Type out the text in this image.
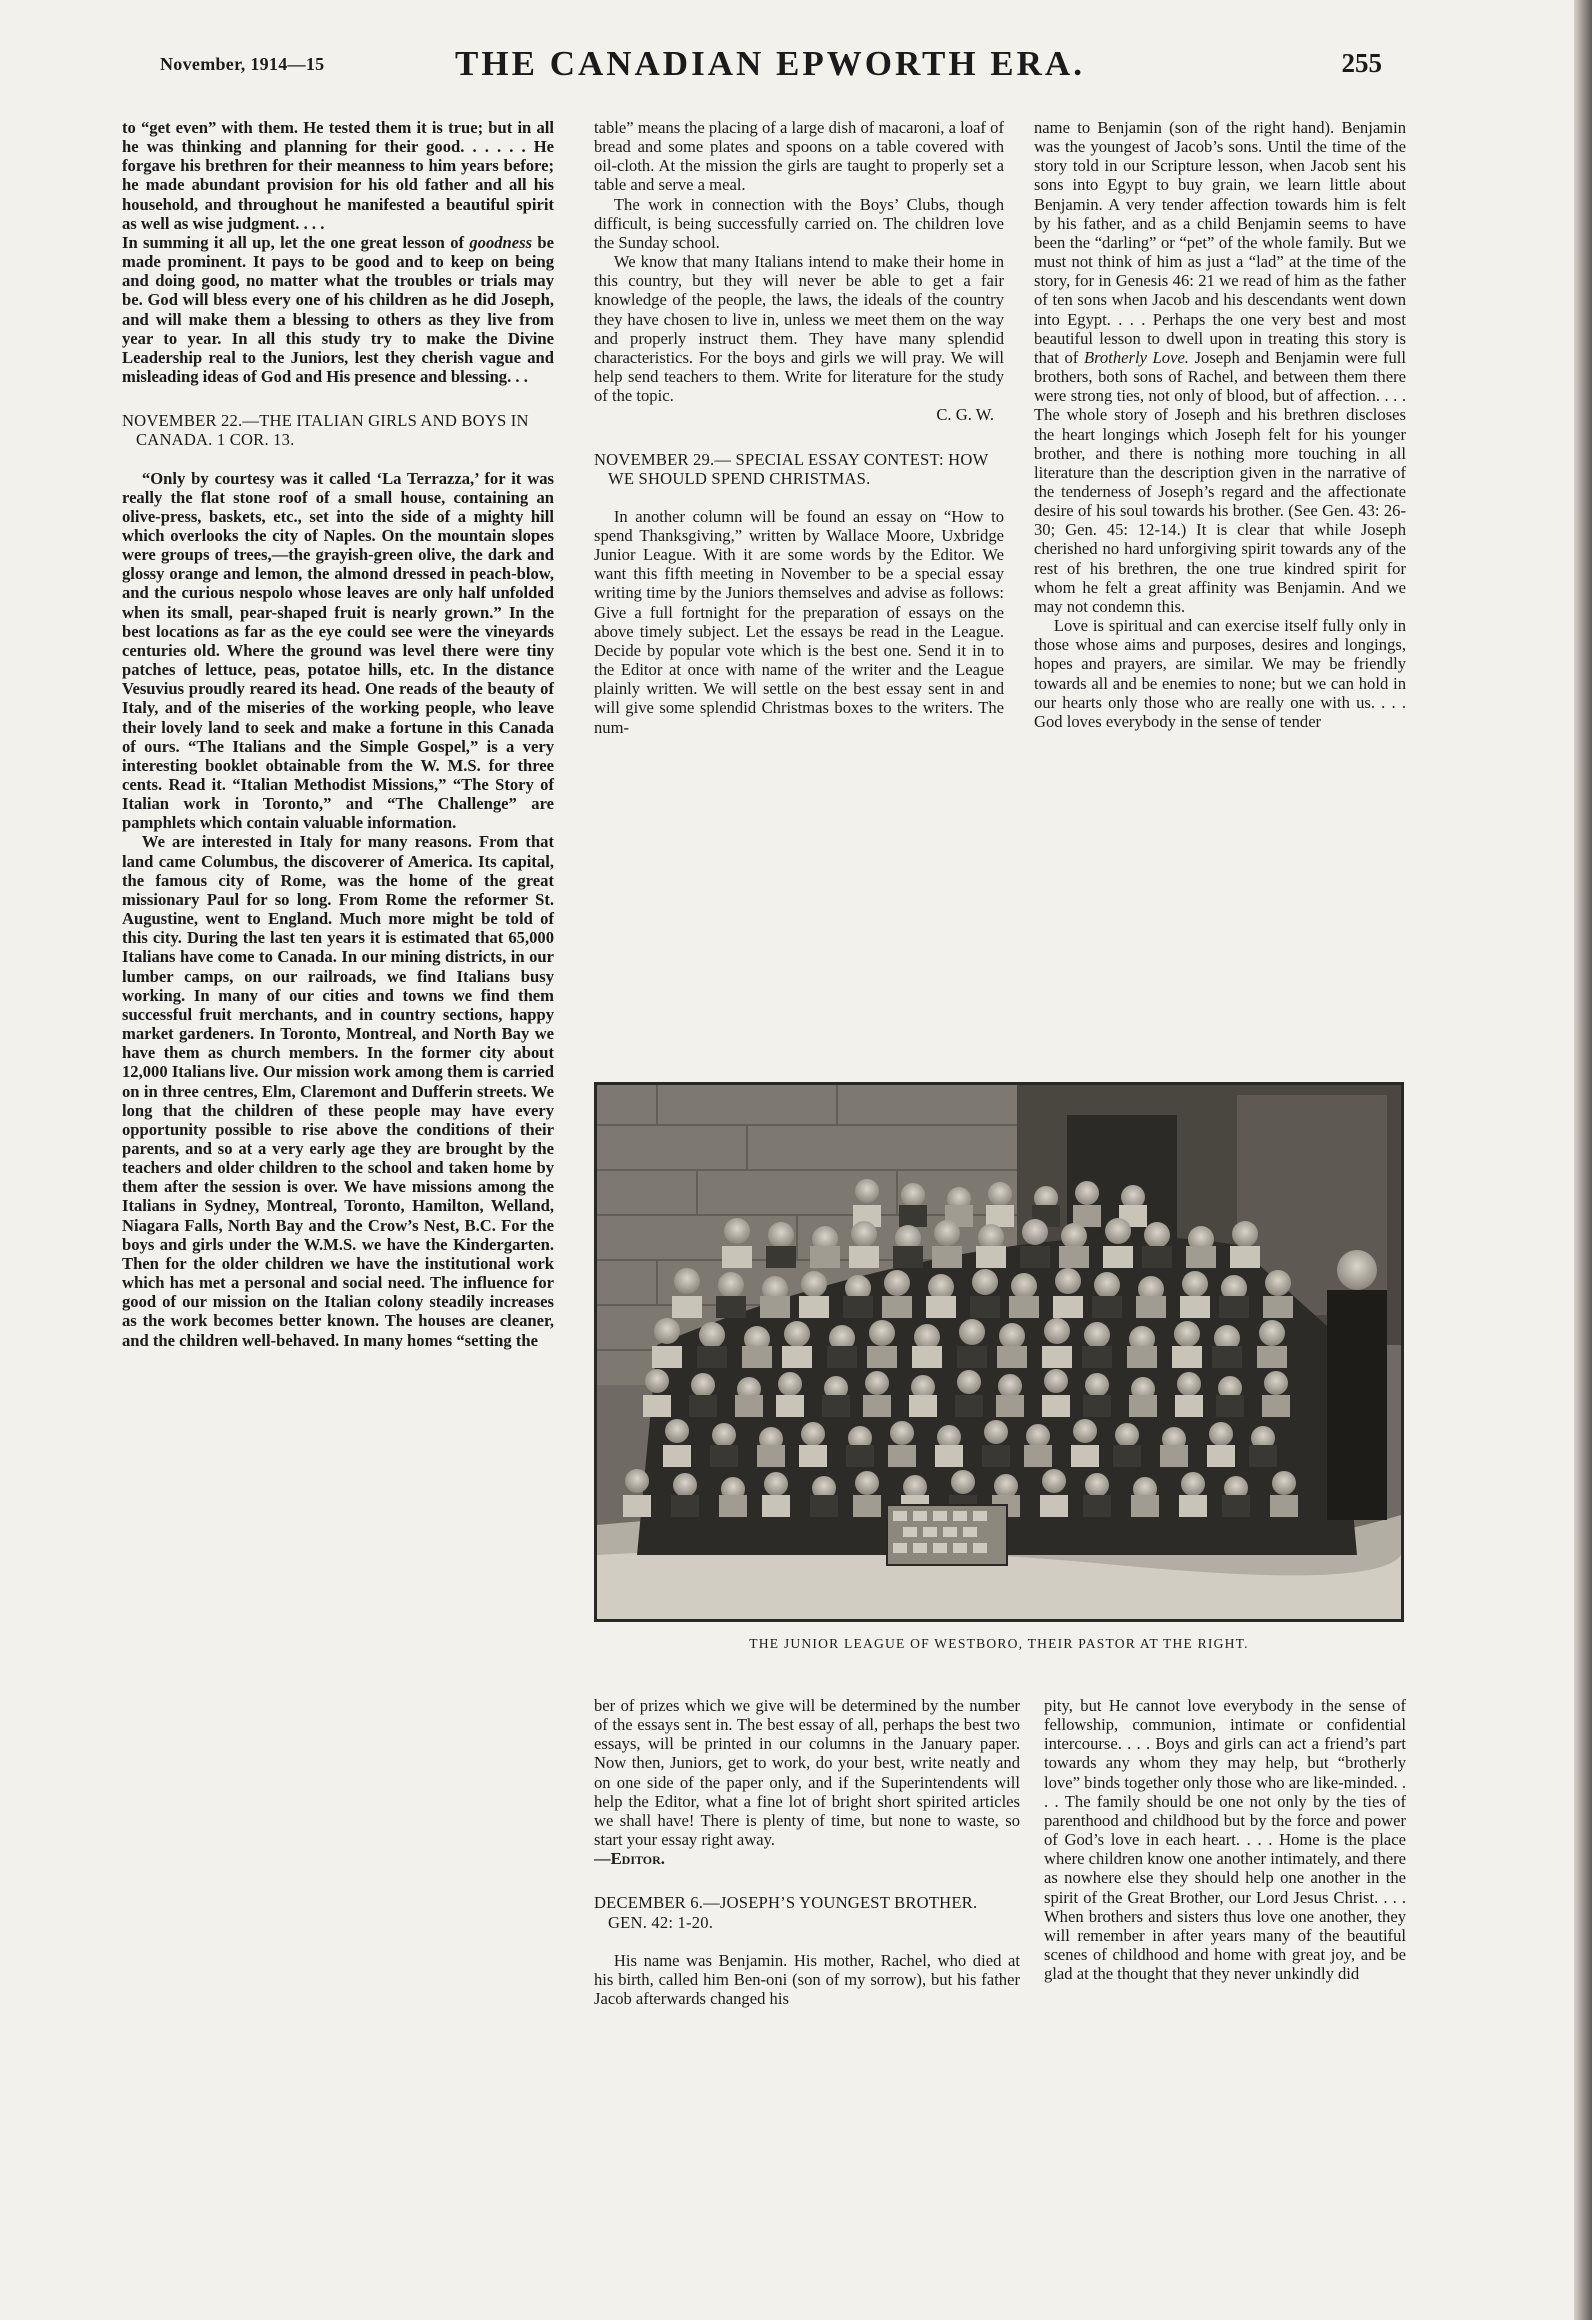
November, 1914—15	THE CANADIAN EPWORTH ERA.	255

to “get even” with them. He tested them it is true; but in all he was thinking and planning for their good. . . . . . He forgave his brethren for their meanness to him years before; he made abundant provision for his old father and all his household, and throughout he manifested a beautiful spirit as well as wise judgment. . . .

In summing it all up, let the one great lesson of goodness be made prominent. It pays to be good and to keep on being and doing good, no matter what the troubles or trials may be. God will bless every one of his children as he did Joseph, and will make them a blessing to others as they live from year to year. In all this study try to make the Divine Leadership real to the Juniors, lest they cherish vague and misleading ideas of God and His presence and blessing. . .

NOVEMBER 22.—THE ITALIAN GIRLS AND BOYS IN CANADA. 1 COR. 13.

“Only by courtesy was it called ‘La Terrazza,’ for it was really the flat stone roof of a small house, containing an olive-press, baskets, etc., set into the side of a mighty hill which overlooks the city of Naples. On the mountain slopes were groups of trees,—the grayish-green olive, the dark and glossy orange and lemon, the almond dressed in peach-blow, and the curious nespolo whose leaves are only half unfolded when its small, pear-shaped fruit is nearly grown.” In the best locations as far as the eye could see were the vineyards centuries old. Where the ground was level there were tiny patches of lettuce, peas, potatoe hills, etc. In the distance Vesuvius proudly reared its head. One reads of the beauty of Italy, and of the miseries of the working people, who leave their lovely land to seek and make a fortune in this Canada of ours. “The Italians and the Simple Gospel,” is a very interesting booklet obtainable from the W. M.S. for three cents. Read it. “Italian Methodist Missions,” “The Story of Italian work in Toronto,” and “The Challenge” are pamphlets which contain valuable information.

We are interested in Italy for many reasons. From that land came Columbus, the discoverer of America. Its capital, the famous city of Rome, was the home of the great missionary Paul for so long. From Rome the reformer St. Augustine, went to England. Much more might be told of this city. During the last ten years it is estimated that 65,000 Italians have come to Canada. In our mining districts, in our lumber camps, on our railroads, we find Italians busy working. In many of our cities and towns we find them successful fruit merchants, and in country sections, happy market gardeners. In Toronto, Montreal, and North Bay we have them as church members. In the former city about 12,000 Italians live. Our mission work among them is carried on in three centres, Elm, Claremont and Dufferin streets. We long that the children of these people may have every opportunity possible to rise above the conditions of their parents, and so at a very early age they are brought by the teachers and older children to the school and taken home by them after the session is over. We have missions among the Italians in Sydney, Montreal, Toronto, Hamilton, Welland, Niagara Falls, North Bay and the Crow’s Nest, B.C. For the boys and girls under the W.M.S. we have the Kindergarten. Then for the older children we have the institutional work which has met a personal and social need. The influence for good of our mission on the Italian colony steadily increases as the work becomes better known. The houses are cleaner, and the children well-behaved. In many homes “setting the

table” means the placing of a large dish of macaroni, a loaf of bread and some plates and spoons on a table covered with oil-cloth. At the mission the girls are taught to properly set a table and serve a meal.

The work in connection with the Boys’ Clubs, though difficult, is being successfully carried on. The children love the Sunday school.

We know that many Italians intend to make their home in this country, but they will never be able to get a fair knowledge of the people, the laws, the ideals of the country they have chosen to live in, unless we meet them on the way and properly instruct them. They have many splendid characteristics. For the boys and girls we will pray. We will help send teachers to them. Write for literature for the study of the topic.

C. G. W.
NOVEMBER 29.— SPECIAL ESSAY CONTEST: HOW WE SHOULD SPEND CHRISTMAS.

In another column will be found an essay on “How to spend Thanksgiving,” written by Wallace Moore, Uxbridge Junior League. With it are some words by the Editor. We want this fifth meeting in November to be a special essay writing time by the Juniors themselves and advise as follows: Give a full fortnight for the preparation of essays on the above timely subject. Let the essays be read in the League. Decide by popular vote which is the best one. Send it in to the Editor at once with name of the writer and the League plainly written. We will settle on the best essay sent in and will give some splendid Christmas boxes to the writers. The num-

name to Benjamin (son of the right hand). Benjamin was the youngest of Jacob’s sons. Until the time of the story told in our Scripture lesson, when Jacob sent his sons into Egypt to buy grain, we learn little about Benjamin. A very tender affection towards him is felt by his father, and as a child Benjamin seems to have been the “darling” or “pet” of the whole family. But we must not think of him as just a “lad” at the time of the story, for in Genesis 46: 21 we read of him as the father of ten sons when Jacob and his descendants went down into Egypt. . . . Perhaps the one very best and most beautiful lesson to dwell upon in treating this story is that of Brotherly Love. Joseph and Benjamin were full brothers, both sons of Rachel, and between them there were strong ties, not only of blood, but of affection. . . . The whole story of Joseph and his brethren discloses the heart longings which Joseph felt for his younger brother, and there is nothing more touching in all literature than the description given in the narrative of the tenderness of Joseph’s regard and the affectionate desire of his soul towards his brother. (See Gen. 43: 26-30; Gen. 45: 12-14.) It is clear that while Joseph cherished no hard unforgiving spirit towards any of the rest of his brethren, the one true kindred spirit for whom he felt a great affinity was Benjamin. And we may not condemn this.

Love is spiritual and can exercise itself fully only in those whose aims and purposes, desires and longings, hopes and prayers, are similar. We may be friendly towards all and be enemies to none; but we can hold in our hearts only those who are really one with us. . . . God loves everybody in the sense of tender

THE JUNIOR LEAGUE OF WESTBORO, THEIR PASTOR AT THE RIGHT.

ber of prizes which we give will be determined by the number of the essays sent in. The best essay of all, perhaps the best two essays, will be printed in our columns in the January paper. Now then, Juniors, get to work, do your best, write neatly and on one side of the paper only, and if the Superintendents will help the Editor, what a fine lot of bright short spirited articles we shall have! There is plenty of time, but none to waste, so start your essay right away.

—Editor.

DECEMBER 6.—JOSEPH’S YOUNGEST BROTHER. GEN. 42: 1-20.

His name was Benjamin. His mother, Rachel, who died at his birth, called him Ben-oni (son of my sorrow), but his father Jacob afterwards changed his

pity, but He cannot love everybody in the sense of fellowship, communion, intimate or confidential intercourse. . . . Boys and girls can act a friend’s part towards any whom they may help, but “brotherly love” binds together only those who are like-minded. . . . The family should be one not only by the ties of parenthood and childhood but by the force and power of God’s love in each heart. . . . Home is the place where children know one another intimately, and there as nowhere else they should help one another in the spirit of the Great Brother, our Lord Jesus Christ. . . . When brothers and sisters thus love one another, they will remember in after years many of the beautiful scenes of childhood and home with great joy, and be glad at the thought that they never unkindly did
